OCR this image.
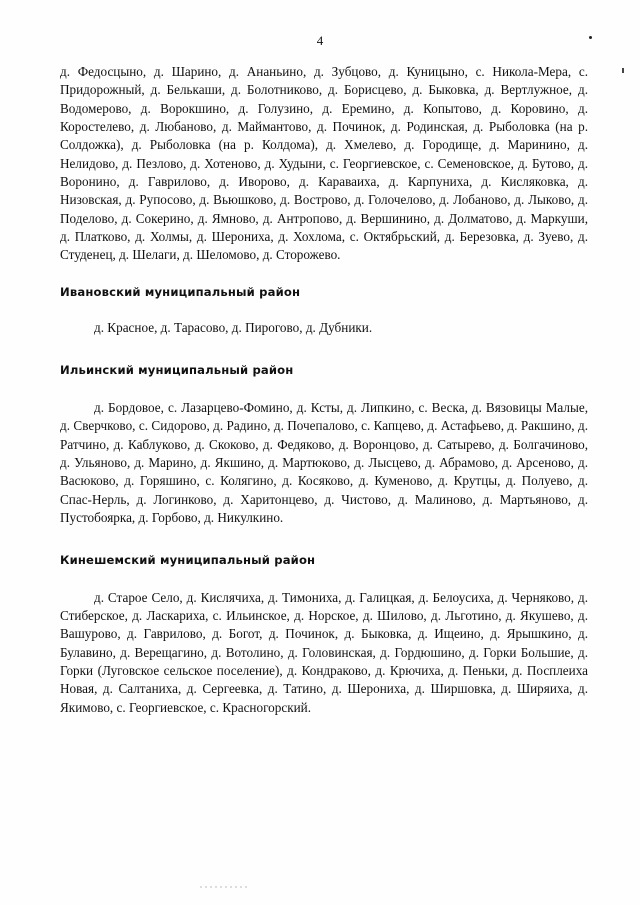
4

д. Федосцыно, д. Шарино, д. Ананьино, д. Зубцово, д. Куницыно, с. Никола-Мера, с. Придорожный, д. Белькаши, д. Болотниково, д. Борисцево, д. Быковка, д. Вертлужное, д. Водомерово, д. Ворокшино, д. Голузино, д. Еремино, д. Копытово, д. Коровино, д. Коростелево, д. Любаново, д. Маймантово, д. Починок, д. Родинская, д. Рыболовка (на р. Солдожка), д. Рыболовка (на р. Колдома), д. Хмелево, д. Городище, д. Маринино, д. Нелидово, д. Пезлово, д. Хотеново, д. Худыни, с. Георгиевское, с. Семеновское, д. Бутово, д. Воронино, д. Гаврилово, д. Иворово, д. Караваиха, д. Карпуниха, д. Кисляковка, д. Низовская, д. Рупосово, д. Вьюшково, д. Вострово, д. Голочелово, д. Лобаново, д. Лыково, д. Поделово, д. Сокерино, д. Ямново, д. Антропово, д. Вершинино, д. Долматово, д. Маркуши, д. Платково, д. Холмы, д. Шерониха, д. Хохлома, с. Октябрьский, д. Березовка, д. Зуево, д. Студенец, д. Шелаги, д. Шеломово, д. Сторожево.

Ивановский муниципальный район

д. Красное, д. Тарасово, д. Пирогово, д. Дубники.

Ильинский муниципальный район

д. Бордовое, с. Лазарцево-Фомино, д. Ксты, д. Липкино, с. Веска, д. Вязовицы Малые, д. Сверчково, с. Сидорово, д. Радино, д. Почепалово, с. Капцево, д. Астафьево, д. Ракшино, д. Ратчино, д. Каблуково, д. Скоково, д. Федяково, д. Воронцово, д. Сатырево, д. Болгачиново, д. Ульяново, д. Марино, д. Якшино, д. Мартюково, д. Лысцево, д. Абрамово, д. Арсеново, д. Васюково, д. Горяшино, с. Колягино, д. Косяково, д. Куменово, д. Крутцы, д. Полуево, д. Спас-Нерль, д. Логинково, д. Харитонцево, д. Чистово, д. Малиново, д. Мартьяново, д. Пустобоярка, д. Горбово, д. Никулкино.

Кинешемский муниципальный район

д. Старое Село, д. Кислячиха, д. Тимониха, д. Галицкая, д. Белоусиха, д. Черняково, д. Стиберское, д. Ласкариха, с. Ильинское, д. Норское, д. Шилово, д. Льготино, д. Якушево, д. Вашурово, д. Гаврилово, д. Богот, д. Починок, д. Быковка, д. Ищеино, д. Ярышкино, д. Булавино, д. Верещагино, д. Вотолино, д. Головинская, д. Гордюшино, д. Горки Большие, д. Горки (Луговское сельское поселение), д. Кондраково, д. Крючиха, д. Пеньки, д. Посплеиха Новая, д. Салтаниха, д. Сергеевка, д. Татино, д. Шерониха, д. Ширшовка, д. Ширяиха, д. Якимово, с. Георгиевское, с. Красногорский.
